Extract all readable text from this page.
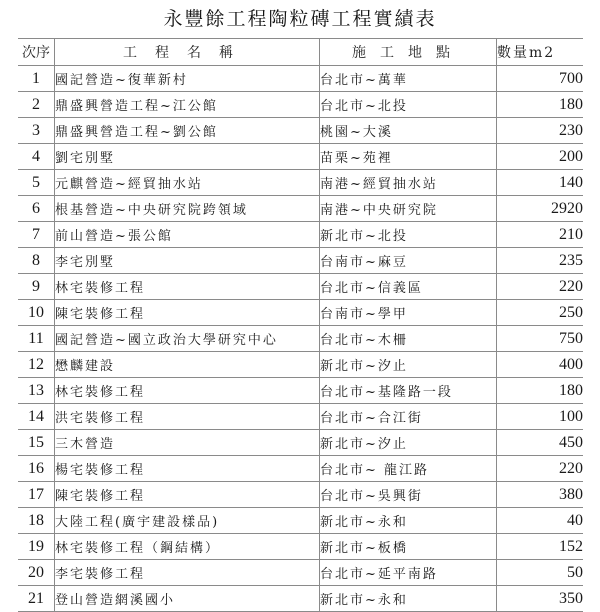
永豐餘工程陶粒磚工程實績表
次序	工程名稱	施工地點	數量m2
1	國記營造~復華新村	台北市~萬華	700
2	鼎盛興營造工程~江公館	台北市~北投	180
3	鼎盛興營造工程~劉公館	桃園~大溪	230
4	劉宅別墅	苗栗~苑裡	200
5	元麒營造~經貿抽水站	南港~經貿抽水站	140
6	根基營造~中央研究院跨領域	南港~中央研究院	2920
7	前山營造~張公館	新北市~北投	210
8	李宅別墅	台南市~麻豆	235
9	林宅裝修工程	台北市~信義區	220
10	陳宅裝修工程	台南市~學甲	250
11	國記營造~國立政治大學研究中心	台北市~木柵	750
12	懋麟建設	新北市~汐止	400
13	林宅裝修工程	台北市~基隆路一段	180
14	洪宅裝修工程	台北市~合江街	100
15	三木營造	新北市~汐止	450
16	楊宅裝修工程	台北市~ 龍江路	220
17	陳宅裝修工程	台北市~吳興街	380
18	大陸工程(廣宇建設樣品)	新北市~永和	40
19	林宅裝修工程（鋼結構）	新北市~板橋	152
20	李宅裝修工程	台北市~延平南路	50
21	登山營造網溪國小	新北市~永和	350
